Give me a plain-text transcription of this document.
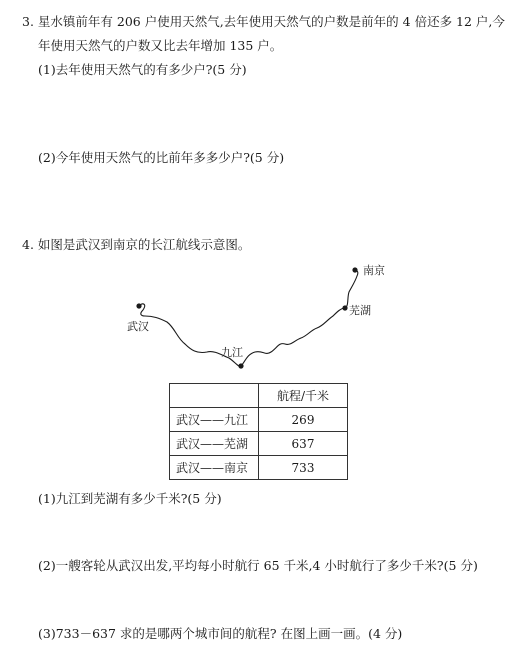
3. 星水镇前年有 206 户使用天然气,去年使用天然气的户数是前年的 4 倍还多 12 户,今
年使用天然气的户数又比去年增加 135 户。
(1)去年使用天然气的有多少户?(5 分)
(2)今年使用天然气的比前年多多少户?(5 分)
4. 如图是武汉到南京的长江航线示意图。
武汉
九江
芜湖
南京
	航程/千米
武汉——九江	269
武汉——芜湖	637
武汉——南京	733
(1)九江到芜湖有多少千米?(5 分)
(2)一艘客轮从武汉出发,平均每小时航行 65 千米,4 小时航行了多少千米?(5 分)
(3)733－637 求的是哪两个城市间的航程? 在图上画一画。(4 分)
